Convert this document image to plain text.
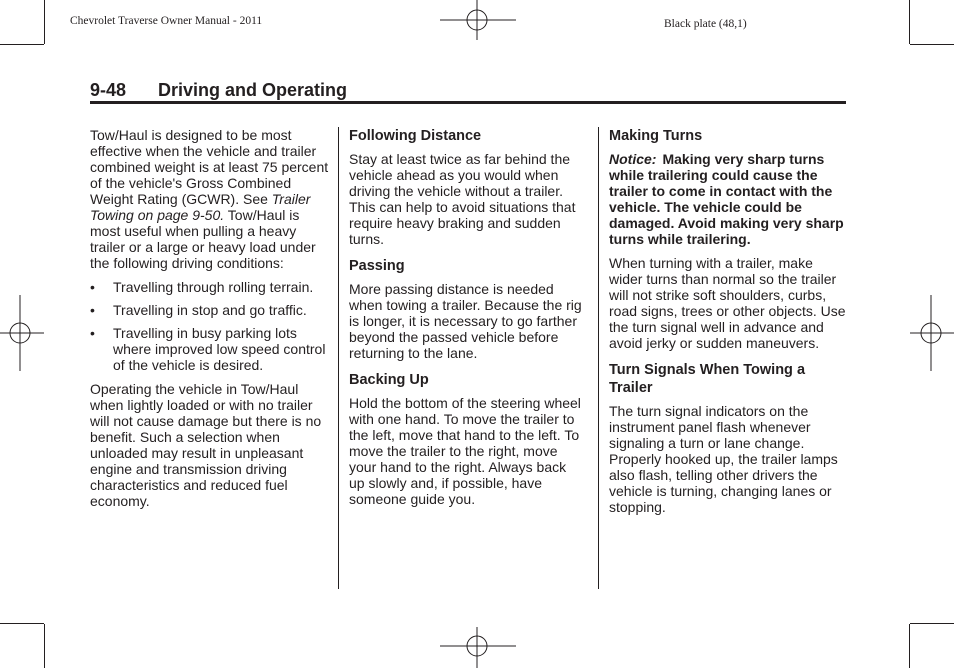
Chevrolet Traverse Owner Manual - 2011	Black plate (48,1)
9-48 Driving and Operating

Tow/Haul is designed to be most effective when the vehicle and trailer combined weight is at least 75 percent of the vehicle's Gross Combined Weight Rating (GCWR). See Trailer Towing on page 9-50. Tow/Haul is most useful when pulling a heavy trailer or a large or heavy load under the following driving conditions:

• Travelling through rolling terrain.
• Travelling in stop and go traffic.
• Travelling in busy parking lots where improved low speed control of the vehicle is desired.

Operating the vehicle in Tow/Haul when lightly loaded or with no trailer will not cause damage but there is no benefit. Such a selection when unloaded may result in unpleasant engine and transmission driving characteristics and reduced fuel economy.

Following Distance

Stay at least twice as far behind the vehicle ahead as you would when driving the vehicle without a trailer. This can help to avoid situations that require heavy braking and sudden turns.

Passing

More passing distance is needed when towing a trailer. Because the rig is longer, it is necessary to go farther beyond the passed vehicle before returning to the lane.

Backing Up

Hold the bottom of the steering wheel with one hand. To move the trailer to the left, move that hand to the left. To move the trailer to the right, move your hand to the right. Always back up slowly and, if possible, have someone guide you.

Making Turns

Notice: Making very sharp turns while trailering could cause the trailer to come in contact with the vehicle. The vehicle could be damaged. Avoid making very sharp turns while trailering.

When turning with a trailer, make wider turns than normal so the trailer will not strike soft shoulders, curbs, road signs, trees or other objects. Use the turn signal well in advance and avoid jerky or sudden maneuvers.

Turn Signals When Towing a Trailer

The turn signal indicators on the instrument panel flash whenever signaling a turn or lane change. Properly hooked up, the trailer lamps also flash, telling other drivers the vehicle is turning, changing lanes or stopping.
